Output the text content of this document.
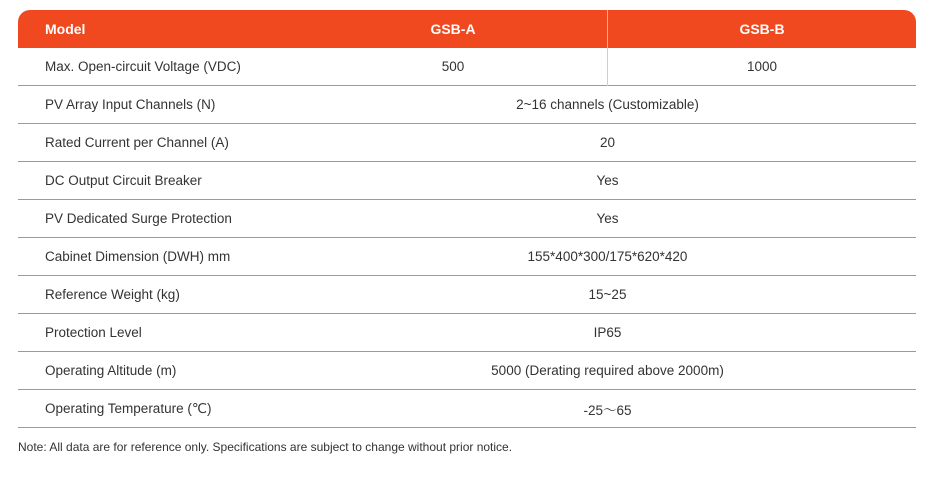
Model	GSB-A	GSB-B
Max. Open-circuit Voltage (VDC)	500	1000
PV Array Input Channels (N)	2~16 channels (Customizable)
Rated Current per Channel (A)	20
DC Output Circuit Breaker	Yes
PV Dedicated Surge Protection	Yes
Cabinet Dimension (DWH) mm	155*400*300/175*620*420
Reference Weight (kg)	15~25
Protection Level	IP65
Operating Altitude (m)	5000 (Derating required above 2000m)
Operating Temperature (℃)	-25～65
Note: All data are for reference only. Specifications are subject to change without prior notice.
